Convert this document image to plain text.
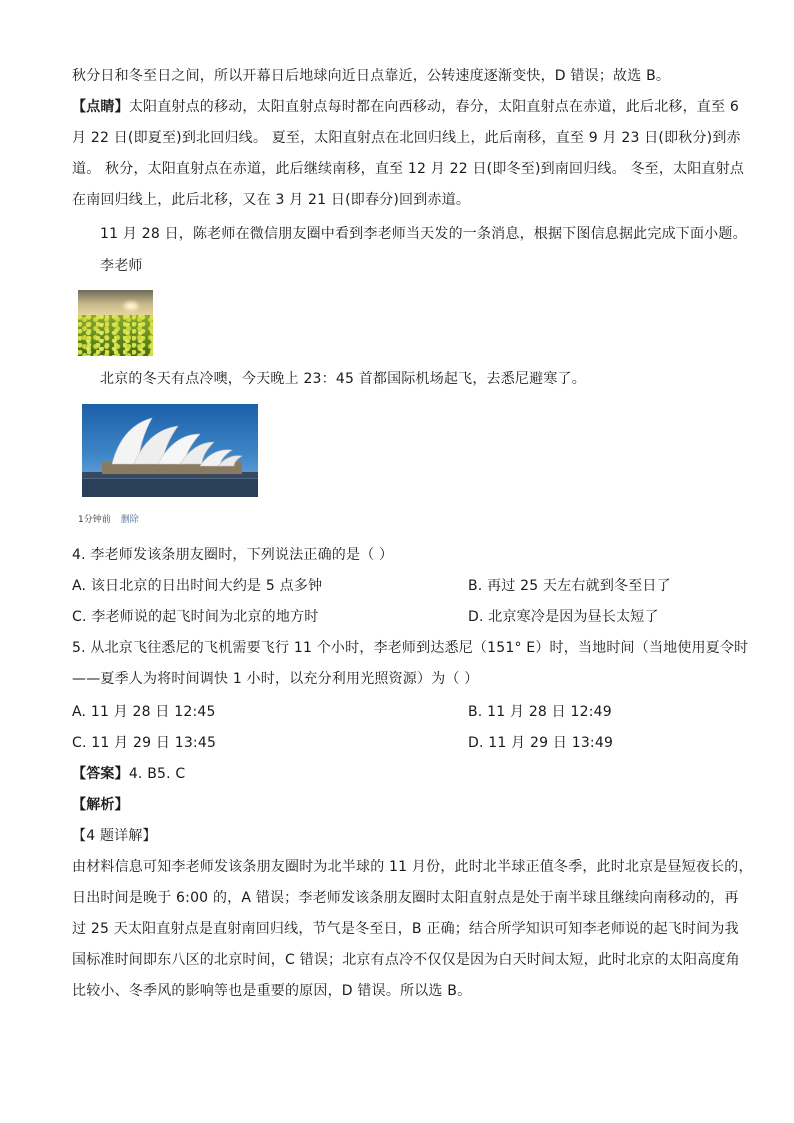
秋分日和冬至日之间，所以开幕日后地球向近日点靠近，公转速度逐渐变快，D 错误；故选 B。
【点睛】太阳直射点的移动，太阳直射点每时都在向西移动，春分，太阳直射点在赤道，此后北移，直至 6
月 22 日(即夏至)到北回归线。 夏至，太阳直射点在北回归线上，此后南移，直至 9 月 23 日(即秋分)到赤
道。 秋分，太阳直射点在赤道，此后继续南移，直至 12 月 22 日(即冬至)到南回归线。 冬至，太阳直射点
在南回归线上，此后北移，又在 3 月 21 日(即春分)回到赤道。
11 月 28 日，陈老师在微信朋友圈中看到李老师当天发的一条消息，根据下图信息据此完成下面小题。
李老师
北京的冬天有点冷噢，今天晚上 23：45 首都国际机场起飞，去悉尼避寒了。
1分钟前 删除
4. 李老师发该条朋友圈时，下列说法正确的是（ ）
A. 该日北京的日出时间大约是 5 点多钟	B. 再过 25 天左右就到冬至日了
C. 李老师说的起飞时间为北京的地方时	D. 北京寒冷是因为昼长太短了
5. 从北京飞往悉尼的飞机需要飞行 11 个小时，李老师到达悉尼（151° E）时，当地时间（当地使用夏令时
——夏季人为将时间调快 1 小时，以充分利用光照资源）为（ ）
A. 11 月 28 日 12:45	B. 11 月 28 日 12:49
C. 11 月 29 日 13:45	D. 11 月 29 日 13:49
【答案】4. B5. C
【解析】
【4 题详解】
由材料信息可知李老师发该条朋友圈时为北半球的 11 月份，此时北半球正值冬季，此时北京是昼短夜长的，
日出时间是晚于 6:00 的，A 错误；李老师发该条朋友圈时太阳直射点是处于南半球且继续向南移动的，再
过 25 天太阳直射点是直射南回归线，节气是冬至日，B 正确；结合所学知识可知李老师说的起飞时间为我
国标准时间即东八区的北京时间，C 错误；北京有点冷不仅仅是因为白天时间太短，此时北京的太阳高度角
比较小、冬季风的影响等也是重要的原因，D 错误。所以选 B。
